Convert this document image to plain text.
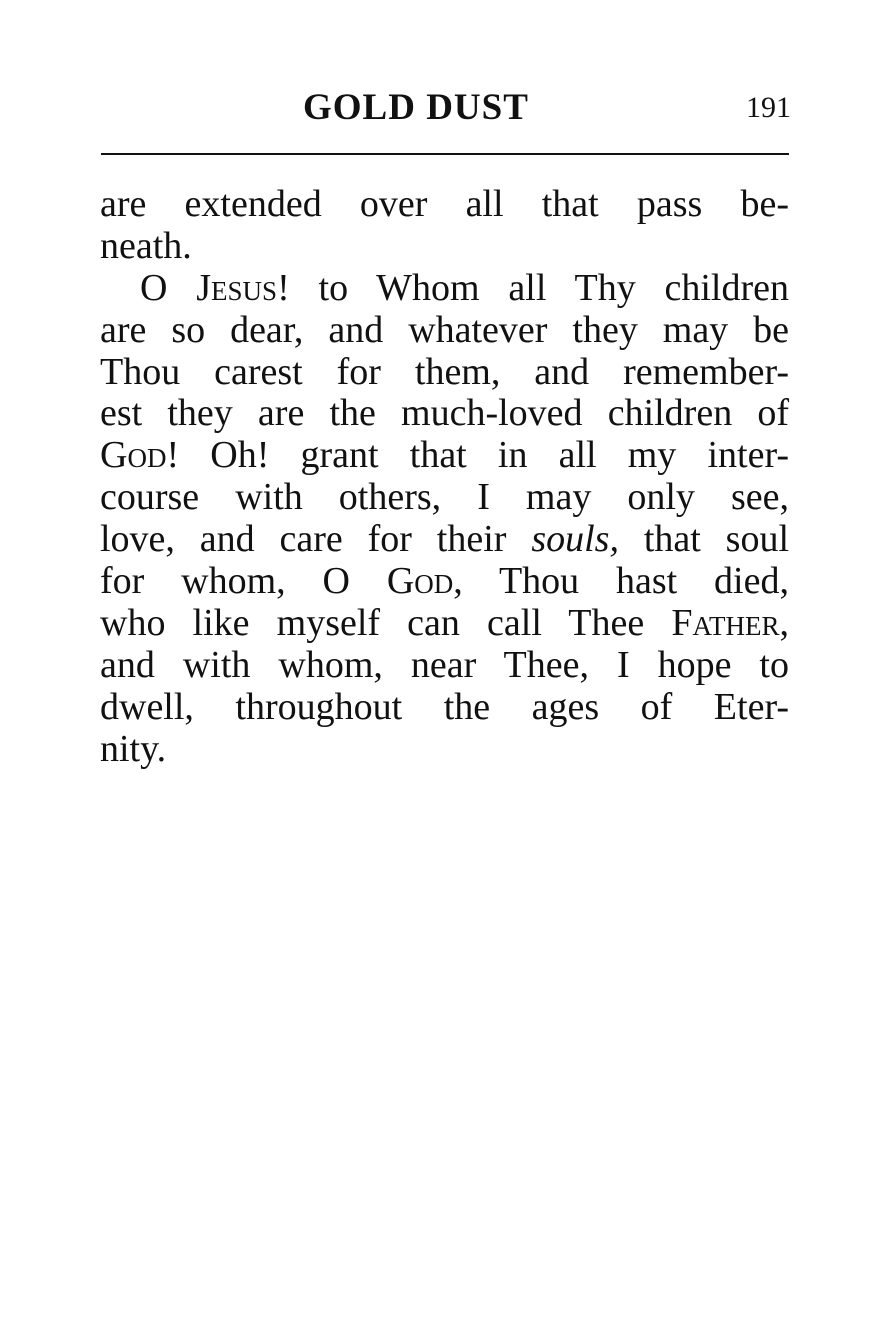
GOLD DUST	191
are extended over all that pass be-
neath.
O Jesus! to Whom all Thy children
are so dear, and whatever they may be
Thou carest for them, and remember-
est they are the much-loved children of
God! Oh! grant that in all my inter-
course with others, I may only see,
love, and care for their souls, that soul
for whom, O God, Thou hast died,
who like myself can call Thee Father,
and with whom, near Thee, I hope to
dwell, throughout the ages of Eter-
nity.
